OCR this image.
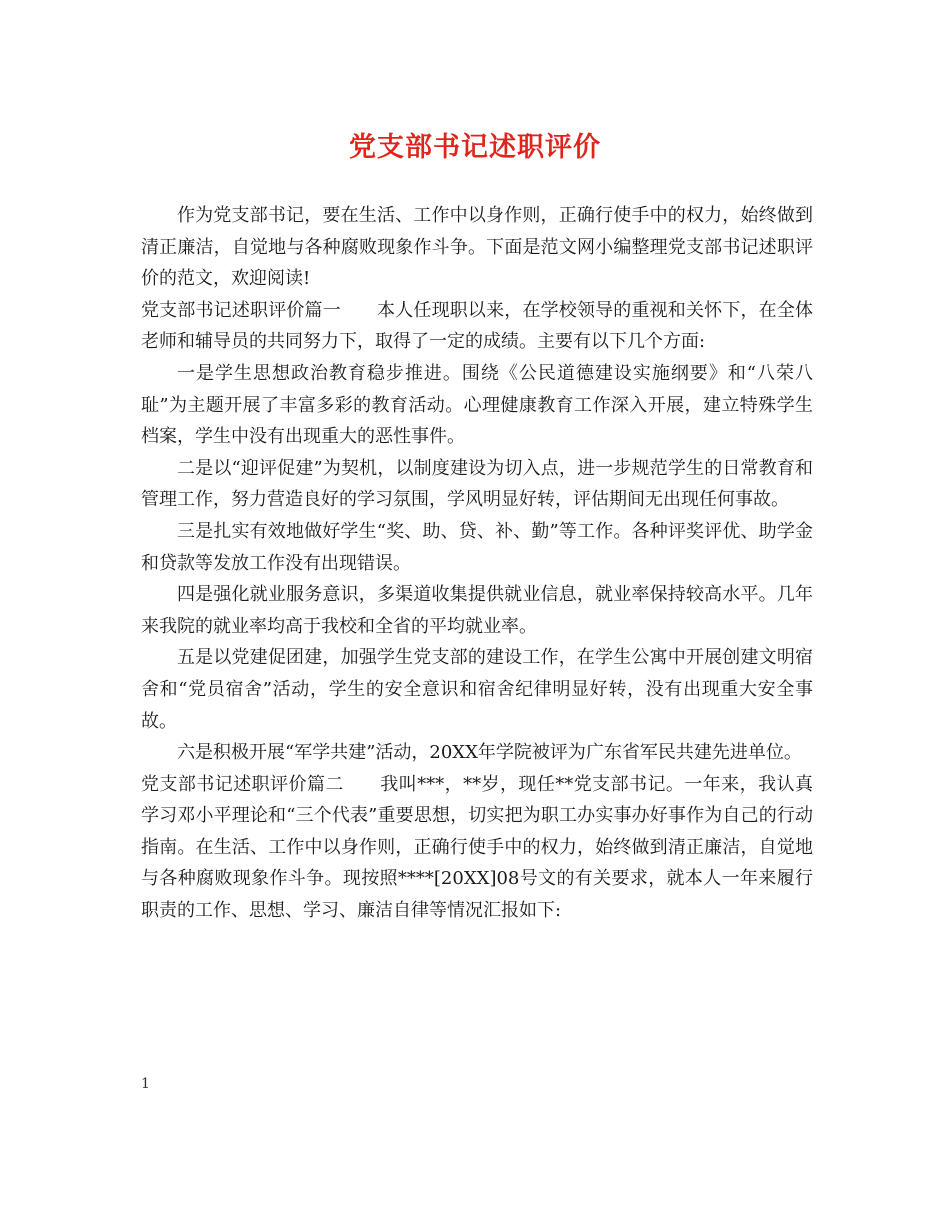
党支部书记述职评价

作为党支部书记，要在生活、工作中以身作则，正确行使手中的权力，始终做到清正廉洁，自觉地与各种腐败现象作斗争。下面是范文网小编整理党支部书记述职评价的范文，欢迎阅读!

党支部书记述职评价篇一 本人任现职以来，在学校领导的重视和关怀下，在全体老师和辅导员的共同努力下，取得了一定的成绩。主要有以下几个方面:

一是学生思想政治教育稳步推进。围绕《公民道德建设实施纲要》和“八荣八耻”为主题开展了丰富多彩的教育活动。心理健康教育工作深入开展，建立特殊学生档案，学生中没有出现重大的恶性事件。

二是以“迎评促建”为契机，以制度建设为切入点，进一步规范学生的日常教育和管理工作，努力营造良好的学习氛围，学风明显好转，评估期间无出现任何事故。

三是扎实有效地做好学生“奖、助、贷、补、勤”等工作。各种评奖评优、助学金和贷款等发放工作没有出现错误。

四是强化就业服务意识，多渠道收集提供就业信息，就业率保持较高水平。几年来我院的就业率均高于我校和全省的平均就业率。

五是以党建促团建，加强学生党支部的建设工作，在学生公寓中开展创建文明宿舍和“党员宿舍”活动，学生的安全意识和宿舍纪律明显好转，没有出现重大安全事故。

六是积极开展“军学共建”活动，20XX年学院被评为广东省军民共建先进单位。

党支部书记述职评价篇二 我叫***，**岁，现任**党支部书记。一年来，我认真学习邓小平理论和“三个代表”重要思想，切实把为职工办实事办好事作为自己的行动指南。在生活、工作中以身作则，正确行使手中的权力，始终做到清正廉洁，自觉地与各种腐败现象作斗争。现按照****[20XX]08号文的有关要求，就本人一年来履行职责的工作、思想、学习、廉洁自律等情况汇报如下:

1
